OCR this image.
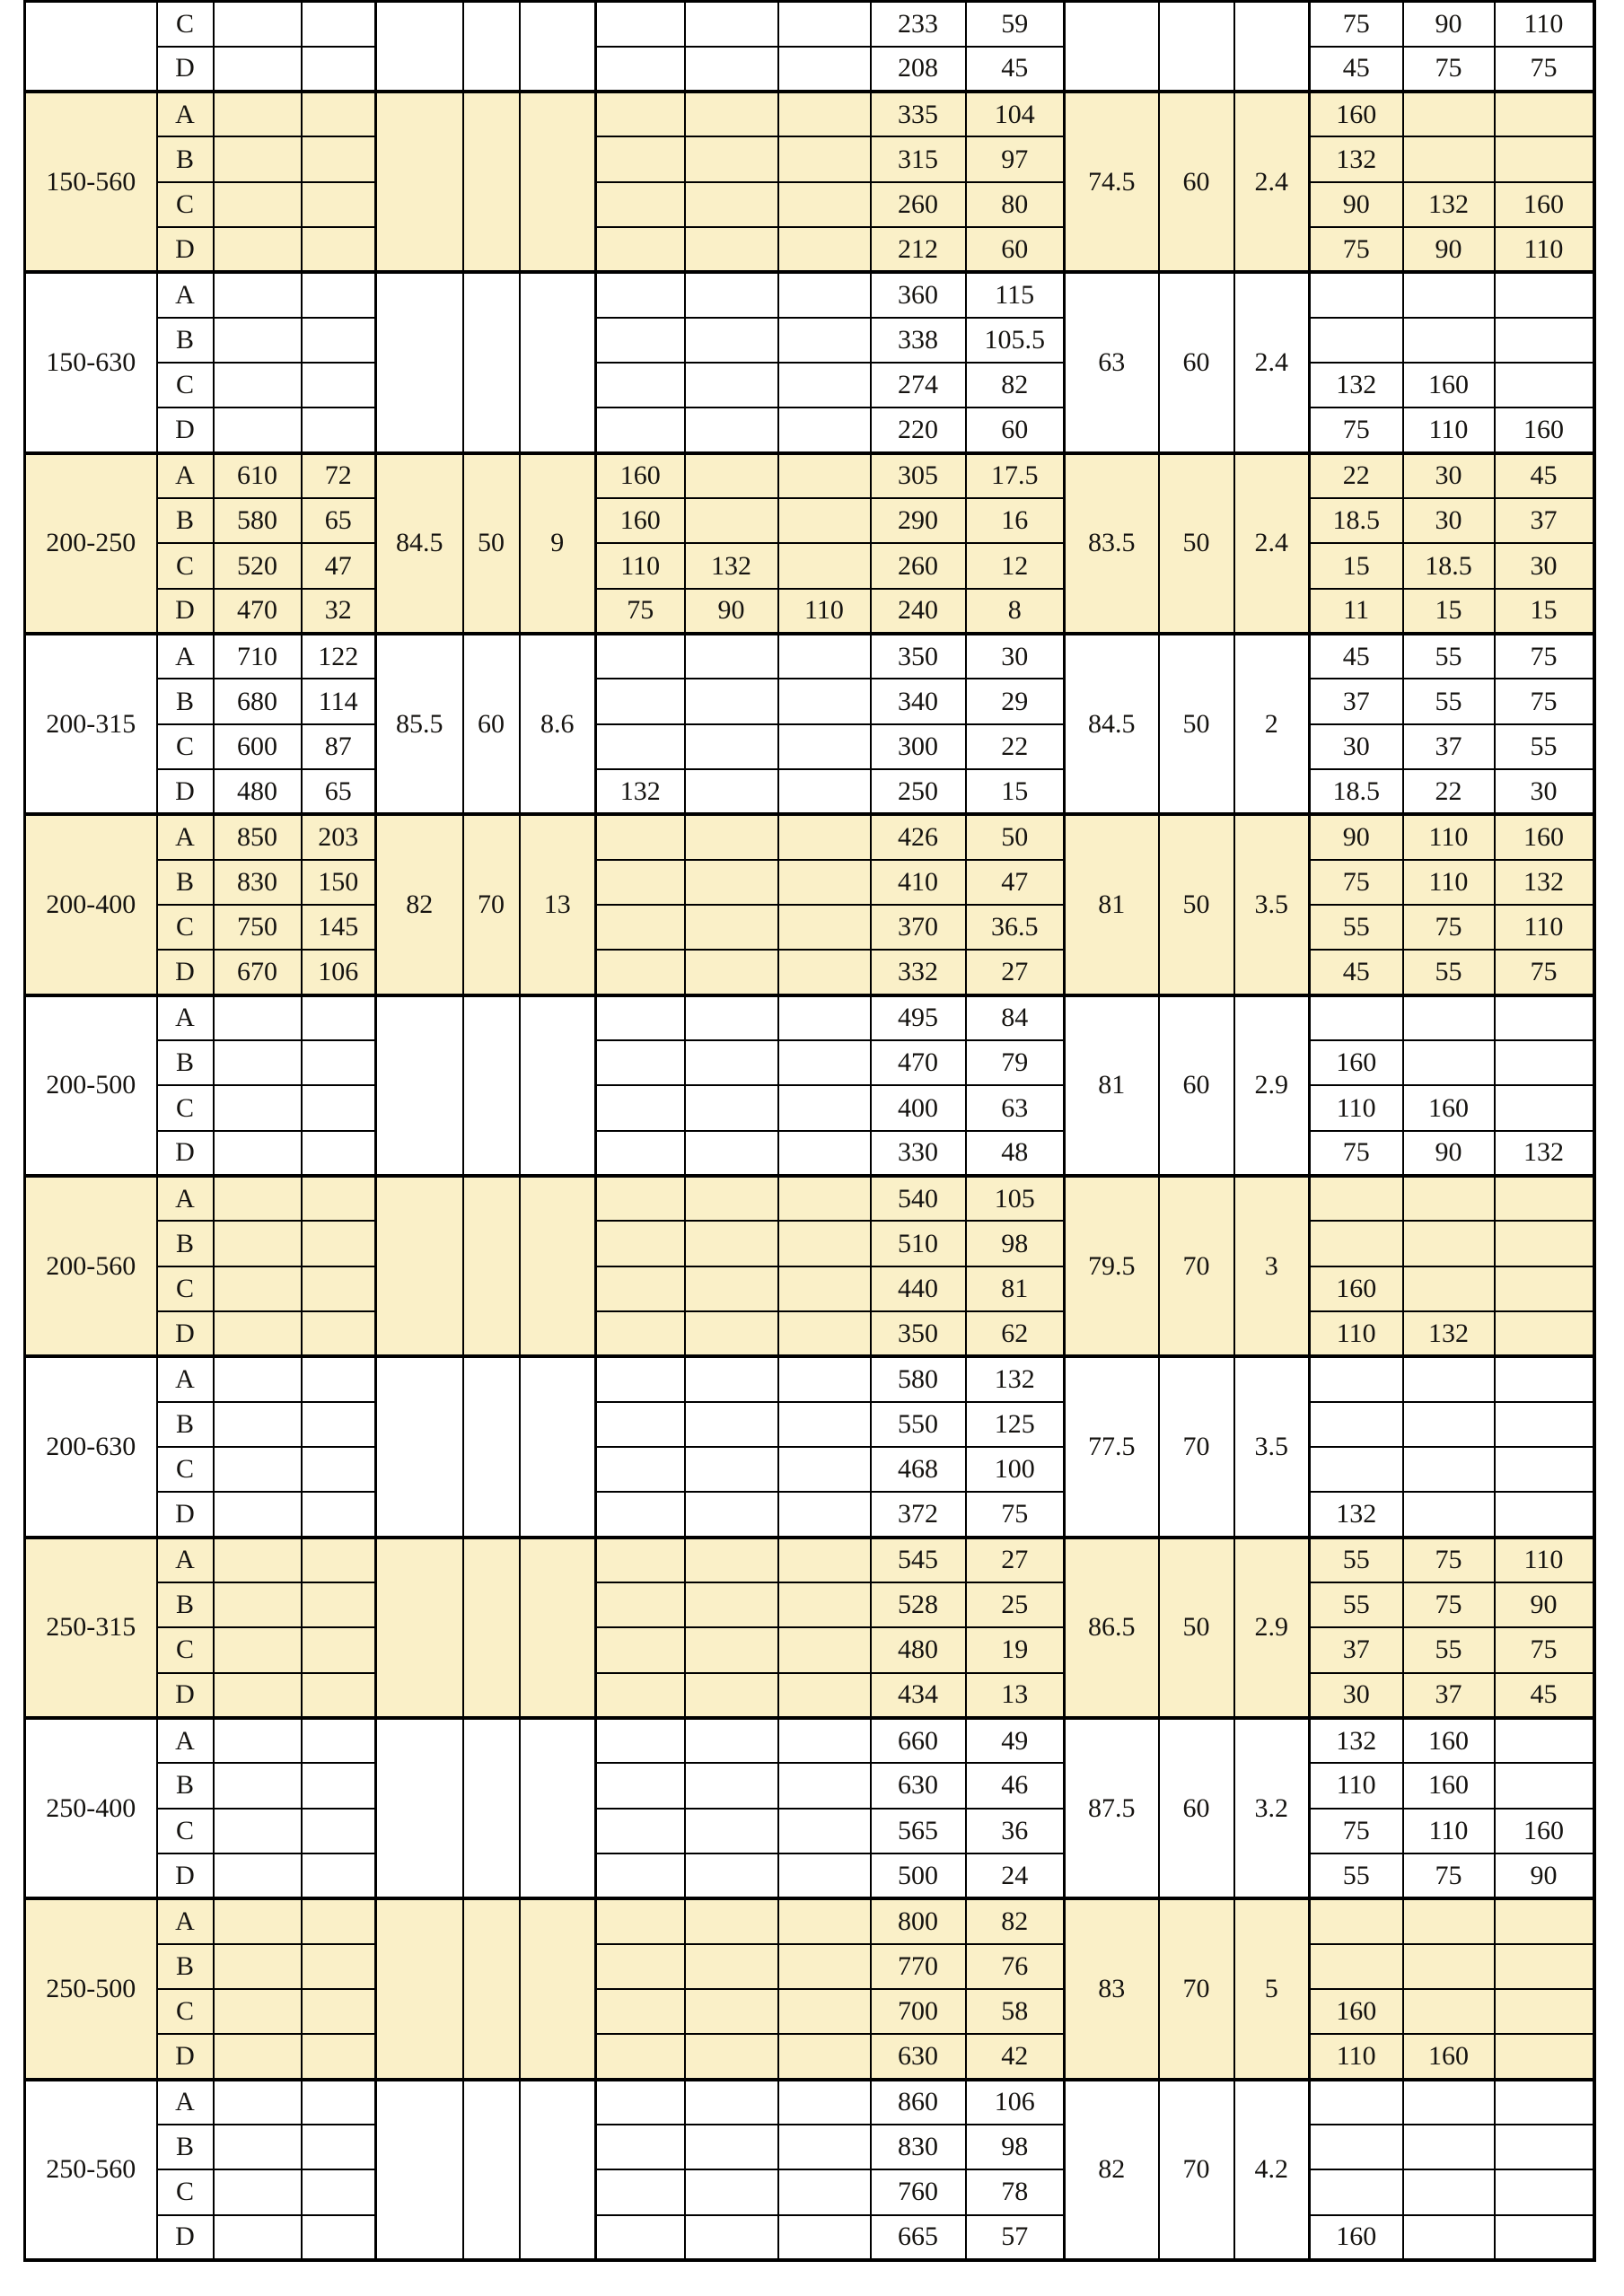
	C									233	59				75	90	110
	D									208	45				45	75	75
150-560	A									335	104	74.5	60	2.4	160		
	B									315	97				132		
	C									260	80				90	132	160
	D									212	60				75	90	110
150-630	A									360	115	63	60	2.4			
	B									338	105.5						
	C									274	82				132	160	
	D									220	60				75	110	160
200-250	A	610	72	84.5	50	9	160			305	17.5	83.5	50	2.4	22	30	45
	B	580	65				160			290	16				18.5	30	37
	C	520	47				110	132		260	12				15	18.5	30
	D	470	32				75	90	110	240	8				11	15	15
200-315	A	710	122	85.5	60	8.6				350	30	84.5	50	2	45	55	75
	B	680	114							340	29				37	55	75
	C	600	87							300	22				30	37	55
	D	480	65				132			250	15				18.5	22	30
200-400	A	850	203	82	70	13				426	50	81	50	3.5	90	110	160
	B	830	150							410	47				75	110	132
	C	750	145							370	36.5				55	75	110
	D	670	106							332	27				45	55	75
200-500	A									495	84	81	60	2.9			
	B									470	79				160		
	C									400	63				110	160	
	D									330	48				75	90	132
200-560	A									540	105	79.5	70	3			
	B									510	98						
	C									440	81				160		
	D									350	62				110	132	
200-630	A									580	132	77.5	70	3.5			
	B									550	125						
	C									468	100						
	D									372	75				132		
250-315	A									545	27	86.5	50	2.9	55	75	110
	B									528	25				55	75	90
	C									480	19				37	55	75
	D									434	13				30	37	45
250-400	A									660	49	87.5	60	3.2	132	160	
	B									630	46				110	160	
	C									565	36				75	110	160
	D									500	24				55	75	90
250-500	A									800	82	83	70	5			
	B									770	76						
	C									700	58				160		
	D									630	42				110	160	
250-560	A									860	106	82	70	4.2			
	B									830	98						
	C									760	78						
	D									665	57				160		
